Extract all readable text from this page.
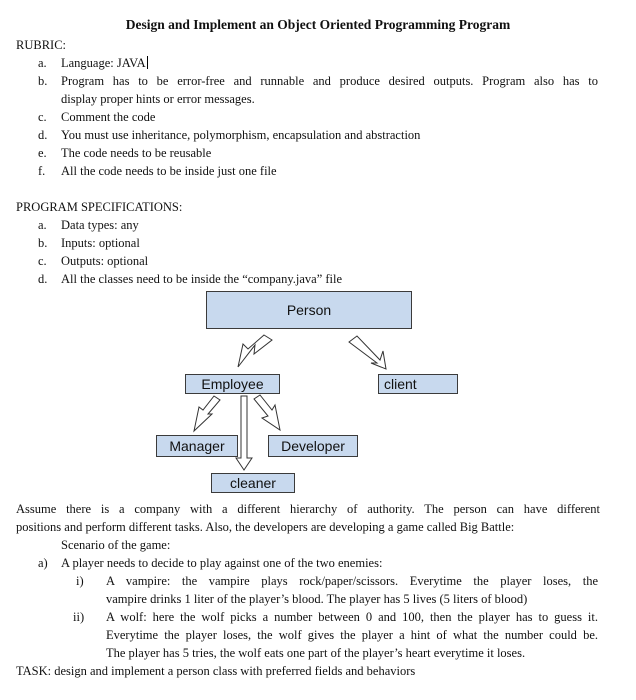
Design and Implement an Object Oriented Programming Program
RUBRIC:
a. Language: JAVA
b. Program has to be error-free and runnable and produce desired outputs. Program also has to
display proper hints or error messages.
c. Comment the code
d. You must use inheritance, polymorphism, encapsulation and abstraction
e. The code needs to be reusable
f. All the code needs to be inside just one file
PROGRAM SPECIFICATIONS:
a. Data types: any
b. Inputs: optional
c. Outputs: optional
d. All the classes need to be inside the “company.java” file
Person
Employee	client
Manager	Developer
cleaner
Assume there is a company with a different hierarchy of authority. The person can have different
positions and perform different tasks. Also, the developers are developing a game called Big Battle:
Scenario of the game:
a) A player needs to decide to play against one of the two enemies:
i) A vampire: the vampire plays rock/paper/scissors. Everytime the player loses, the
vampire drinks 1 liter of the player’s blood. The player has 5 lives (5 liters of blood)
ii) A wolf: here the wolf picks a number between 0 and 100, then the player has to guess it.
Everytime the player loses, the wolf gives the player a hint of what the number could be.
The player has 5 tries, the wolf eats one part of the player’s heart everytime it loses.
TASK: design and implement a person class with preferred fields and behaviors
